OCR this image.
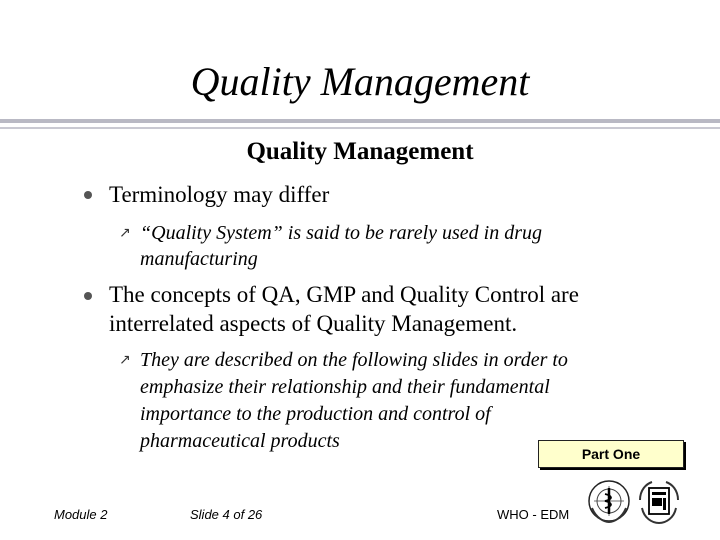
Quality Management
Quality Management
Terminology may differ
↗ “Quality System” is said to be rarely used in drug
manufacturing
The concepts of QA, GMP and Quality Control are
interrelated aspects of Quality Management.
↗ They are described on the following slides in order to
emphasize their relationship and their fundamental
importance to the production and control of
pharmaceutical products
Part One
Module 2	Slide 4 of 26	WHO - EDM
